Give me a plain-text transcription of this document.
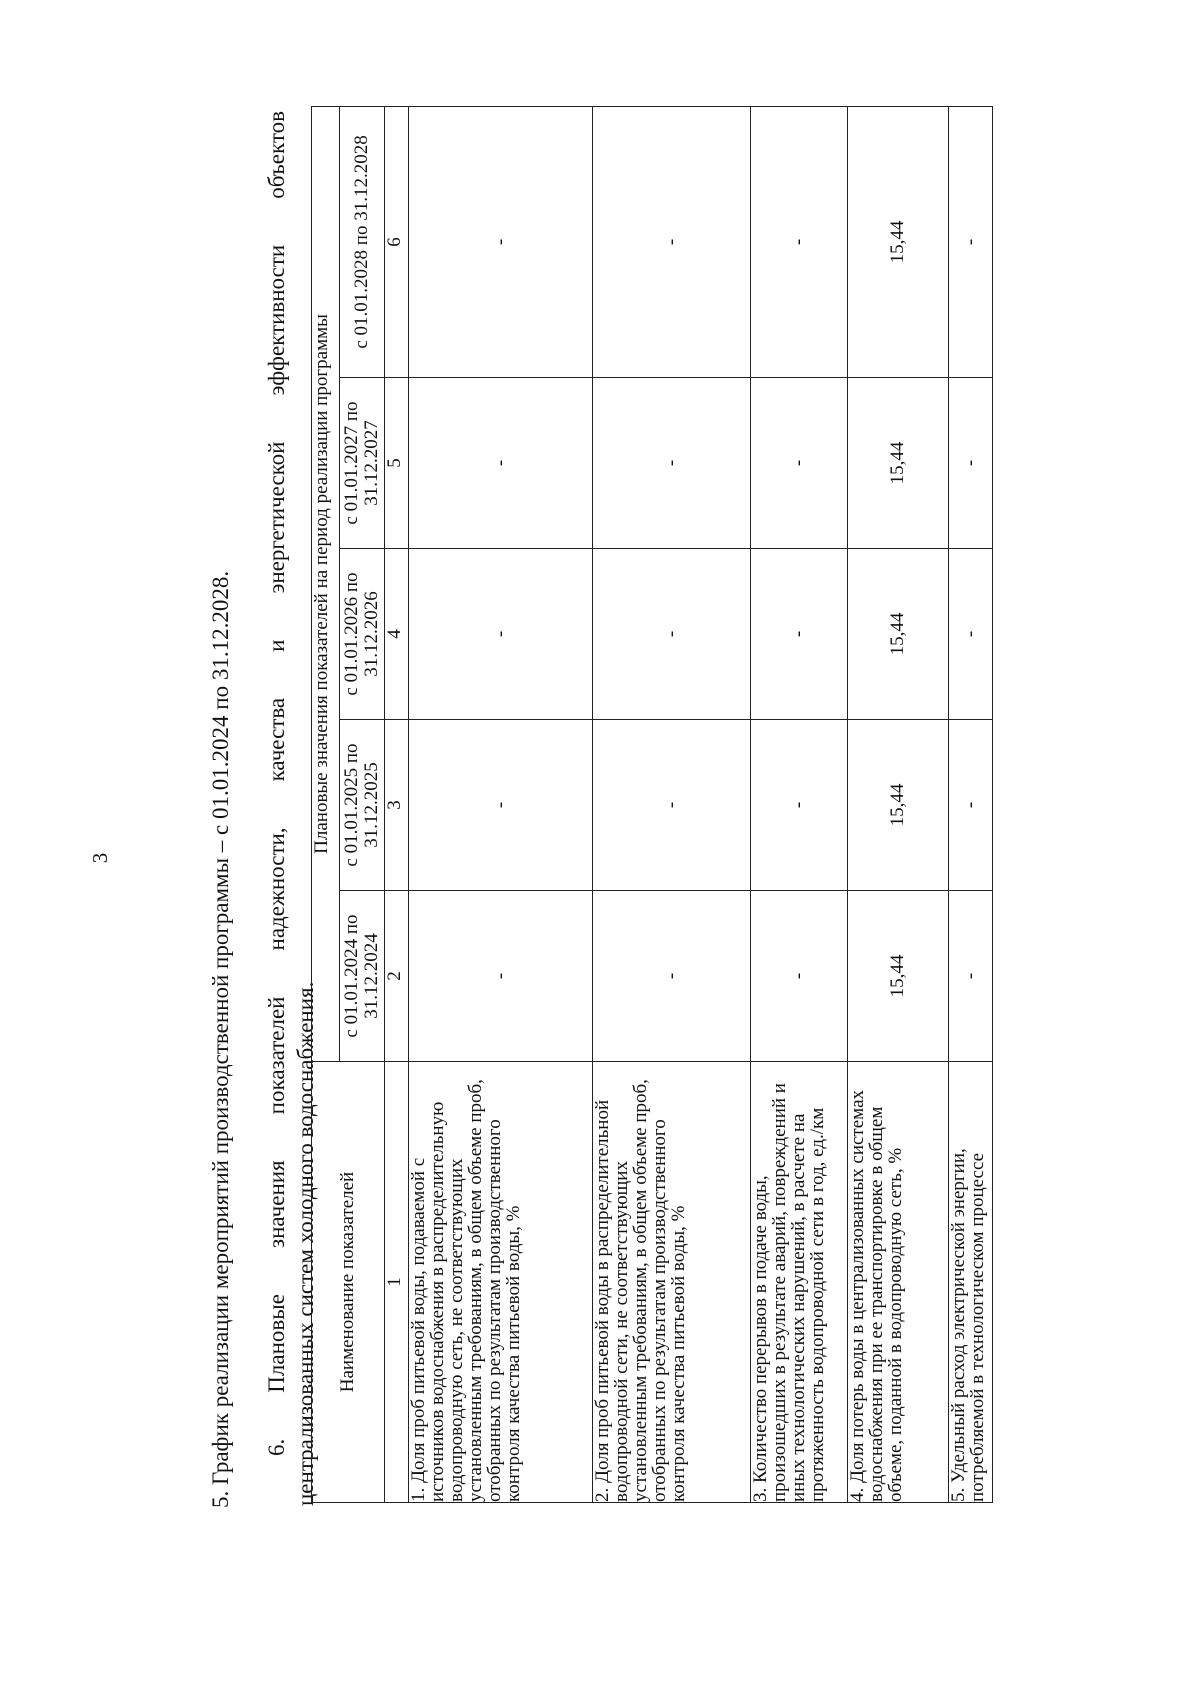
3	5. График реализации мероприятий производственной программы – с 01.01.2024 по 31.12.2028. 6.
Плановые
значения
показателей
надежности,
качества
и
энергетической
эффективности
объектов
централизованных систем холодного водоснабжения. Наименование показателей	Плановые значения показателей на период реализации программы				
	с 01.01.2024 по 31.12.2024	с 01.01.2025 по 31.12.2025	с 01.01.2026 по 31.12.2026	с 01.01.2027 по 31.12.2027	с 01.01.2028 по 31.12.2028
1	2	3	4	5	6
1. Доля проб питьевой воды, подаваемой с источников водоснабжения в распределительную водопроводную сеть, не соответствующих установленным требованиям, в общем объеме проб, отобранных по результатам производственного контроля качества питьевой воды, %	-	-	-	-	-
2. Доля проб питьевой воды в распределительной водопроводной сети, не соответствующих установленным требованиям, в общем объеме проб, отобранных по результатам производственного контроля качества питьевой воды, %	-	-	-	-	-
3. Количество перерывов в подаче воды, произошедших в результате аварий, повреждений и иных технологических нарушений, в расчете на протяженность водопроводной сети в год, ед./км	-	-	-	-	-
4. Доля потерь воды в централизованных системах водоснабжения при ее транспортировке в общем объеме, поданной в водопроводную сеть, %	15,44	15,44	15,44	15,44	15,44
5. Удельный расход электрической энергии, потребляемой в технологическом процессе	-	-	-	-	-
